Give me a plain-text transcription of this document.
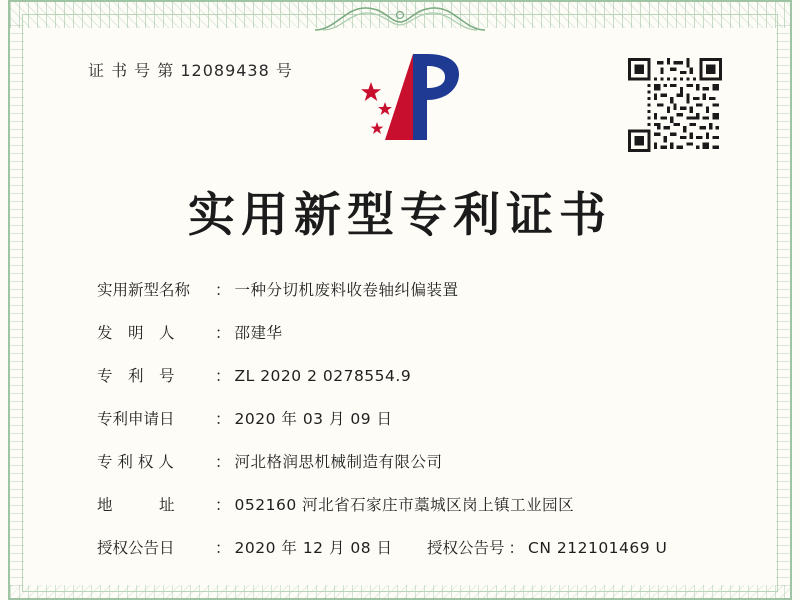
证 书 号 第 12089438 号
实用新型专利证书
实用新型名称	： 一种分切机废料收卷轴纠偏装置
发　明　人	： 邵建华
专　利　号	： ZL 2020 2 0278554.9
专利申请日	： 2020 年 03 月 09 日
专 利 权 人	： 河北格润思机械制造有限公司
地　　　址	： 052160 河北省石家庄市藁城区岗上镇工业园区
授权公告日	： 2020 年 12 月 08 日	授权公告号 ： CN 212101469 U
